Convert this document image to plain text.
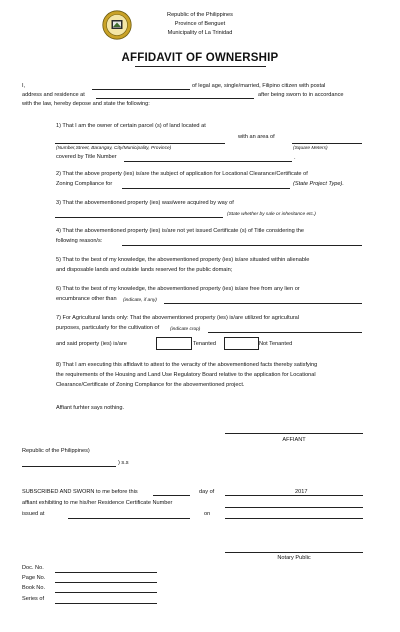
Republic of the Philippines
Province of Benguet
Municipality of La Trinidad
AFFIDAVIT OF OWNERSHIP
I,	of legal age, single/married, Filipino citizen with postal
address and residence at	after being sworn to in accordance
with the law, hereby depose and state the following:
1) That I am the owner of certain parcel (s) of land located at
with an area of
(Number,Street, Barangay, City/Municipality, Province)	(Square Meters)
covered by Title Number	.
2) That the above property (ies) is/are the subject of application for Locational Clearance/Certificate of
Zoning Compliance for	(State Project Type).
3) That the abovementioned property (ies) was/were acquired by way of
(State whether by sale or inheritance etc.)
4) That the abovementioned property (ies) is/are not yet issued Certificate (s) of Title considering the
following reason/s:
5) That to the best of my knowledge, the abovementioned property (ies) is/are situated within alienable
and disposable lands and outside lands reserved for the public domain;
6) That to the best of my knowledge, the abovementioned property (ies) is/are free from any lien or
encumbrance other than (indicate, if any)
7) For Agricultural lands only: That the abovementioned property (ies) is/are utilized for agricultural
purposes, particularly for the cultivation of (indicate crop)
and said property (ies) is/are	Tenanted	Not Tenanted
8) That I am executing this affidavit to attest to the veracity of the abovementioned facts thereby satisfying
the requirements of the Housing and Land Use Regulatory Board relative to the application for Locational
Clearance/Certificate of Zoning Compliance for the abovementioned project.
Affiant furhter says nothing.
AFFIANT
Republic of the Philippines)
) s.s
SUBSCRIBED AND SWORN to me before this	day of	2017
affiant exhibiting to me his/her Residence Certificate Number
issued at	on
Notary Public
Doc. No.
Page No.
Book No.
Series of
